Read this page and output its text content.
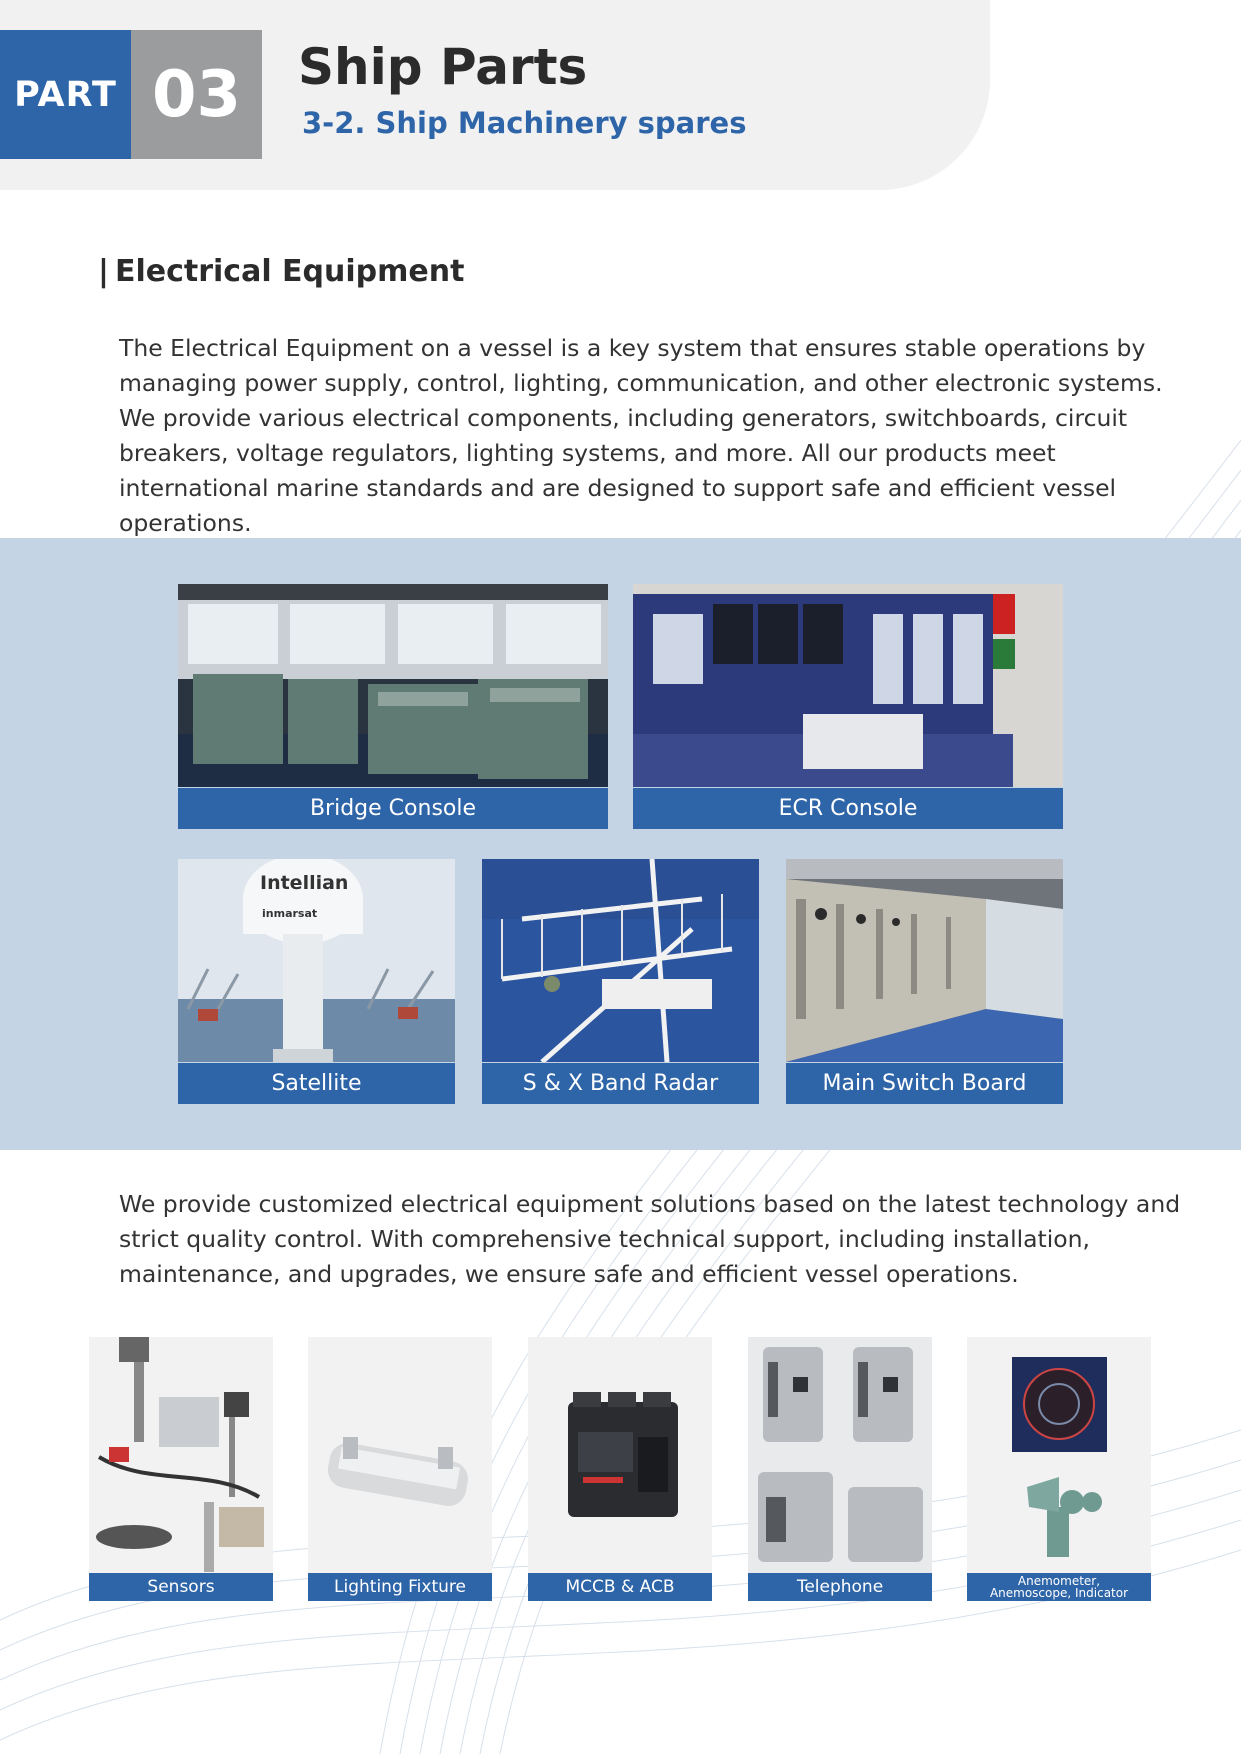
PART 03	Ship Parts
3-2. Ship Machinery spares
| Electrical Equipment
The Electrical Equipment on a vessel is a key system that ensures stable operations by managing power supply, control, lighting, communication, and other electronic systems. We provide various electrical components, including generators, switchboards, circuit breakers, voltage regulators, lighting systems, and more. All our products meet international marine standards and are designed to support safe and efficient vessel operations.
Bridge Console	ECR Console
Intellian
inmarsat
Satellite	S & X Band Radar	Main Switch Board
We provide customized electrical equipment solutions based on the latest technology and strict quality control. With comprehensive technical support, including installation, maintenance, and upgrades, we ensure safe and efficient vessel operations.
Sensors	Lighting Fixture	MCCB & ACB	Telephone	Anemometer,
Anemoscope, Indicator
